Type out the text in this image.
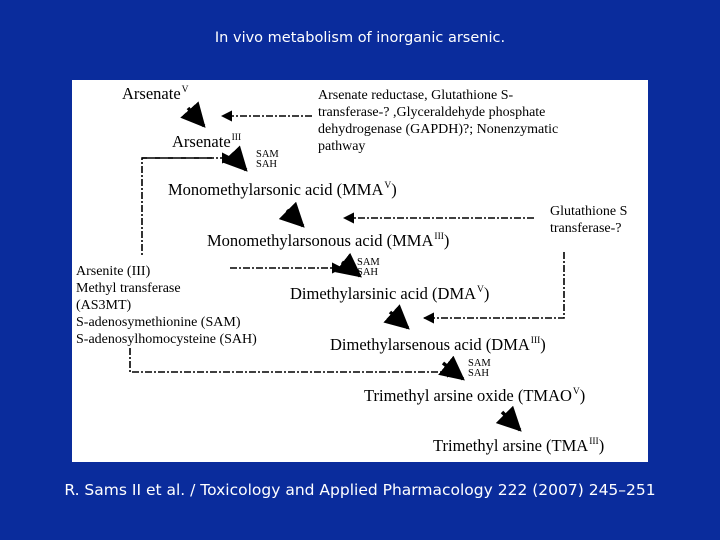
In vivo metabolism of inorganic arsenic.
Arsenate$^V$
Arsenate$^{III}$
Monomethylarsonic acid $(MMA^V)$
Monomethylarsonous acid $(MMA^{III})$
Dimethylarsinic acid $(DMA^V)$
Dimethylarsenous acid $(DMA^{III})$
Trimethyl arsine oxide $(TMAO^V)$
Trimethyl arsine $(TMA^{III})$
SAM
SAH
SAM
SAH
SAM
SAH
Arsenate reductase, Glutathione S-
transferase-? ,Glyceraldehyde phosphate
dehydrogenase (GAPDH)?; Nonenzymatic
pathway
Glutathione S
transferase-?
Arsenite (III)
Methyl transferase
(AS3MT)
S-adenosymethionine (SAM)
S-adenosylhomocysteine (SAH)
R. Sams II et al. / Toxicology and Applied Pharmacology 222 (2007) 245–251
